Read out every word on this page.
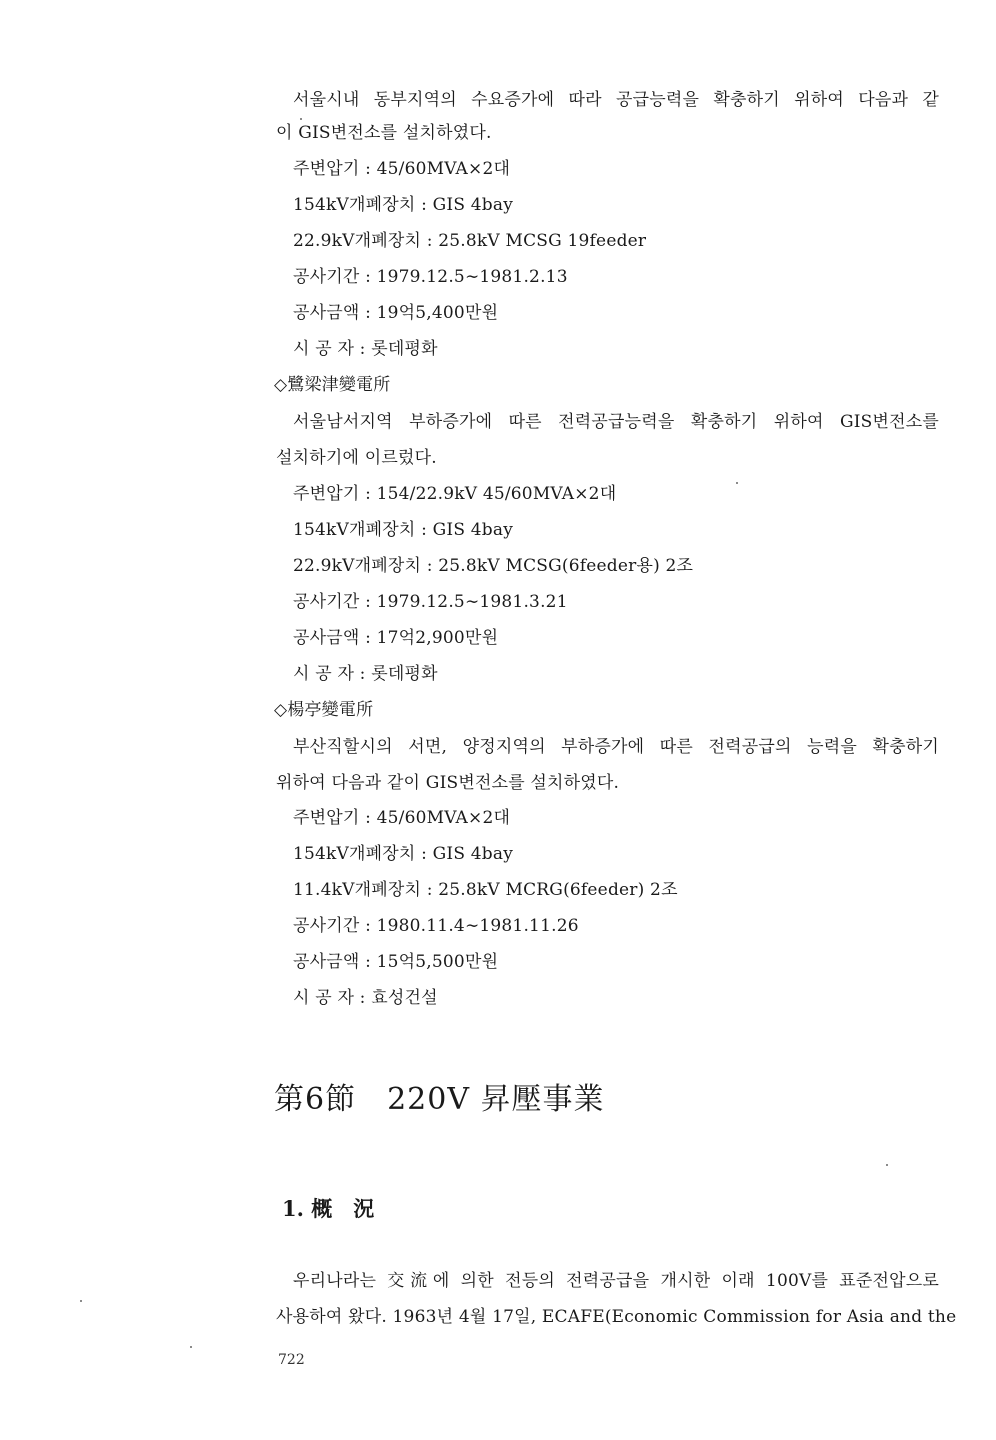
서울시내 동부지역의 수요증가에 따라 공급능력을 확충하기 위하여 다음과 같
이 GIS변전소를 설치하였다.
주변압기 : 45/60MVA×2대
154kV개폐장치 : GIS 4bay
22.9kV개폐장치 : 25.8kV MCSG 19feeder
공사기간 : 1979.12.5∼1981.2.13
공사금액 : 19억5,400만원
시 공 자 : 롯데평화
◇鷺梁津變電所
서울남서지역 부하증가에 따른 전력공급능력을 확충하기 위하여 GIS변전소를
설치하기에 이르렀다.
주변압기 : 154/22.9kV 45/60MVA×2대
154kV개폐장치 : GIS 4bay
22.9kV개폐장치 : 25.8kV MCSG(6feeder용) 2조
공사기간 : 1979.12.5∼1981.3.21
공사금액 : 17억2,900만원
시 공 자 : 롯데평화
◇楊亭變電所
부산직할시의 서면, 양정지역의 부하증가에 따른 전력공급의 능력을 확충하기
위하여 다음과 같이 GIS변전소를 설치하였다.
주변압기 : 45/60MVA×2대
154kV개폐장치 : GIS 4bay
11.4kV개폐장치 : 25.8kV MCRG(6feeder) 2조
공사기간 : 1980.11.4∼1981.11.26
공사금액 : 15억5,500만원
시 공 자 : 효성건설
第6節　220V 昇壓事業
1. 概　況
우리나라는 交流에 의한 전등의 전력공급을 개시한 이래 100V를 표준전압으로
사용하여 왔다. 1963년 4월 17일, ECAFE(Economic Commission for Asia and the
722
